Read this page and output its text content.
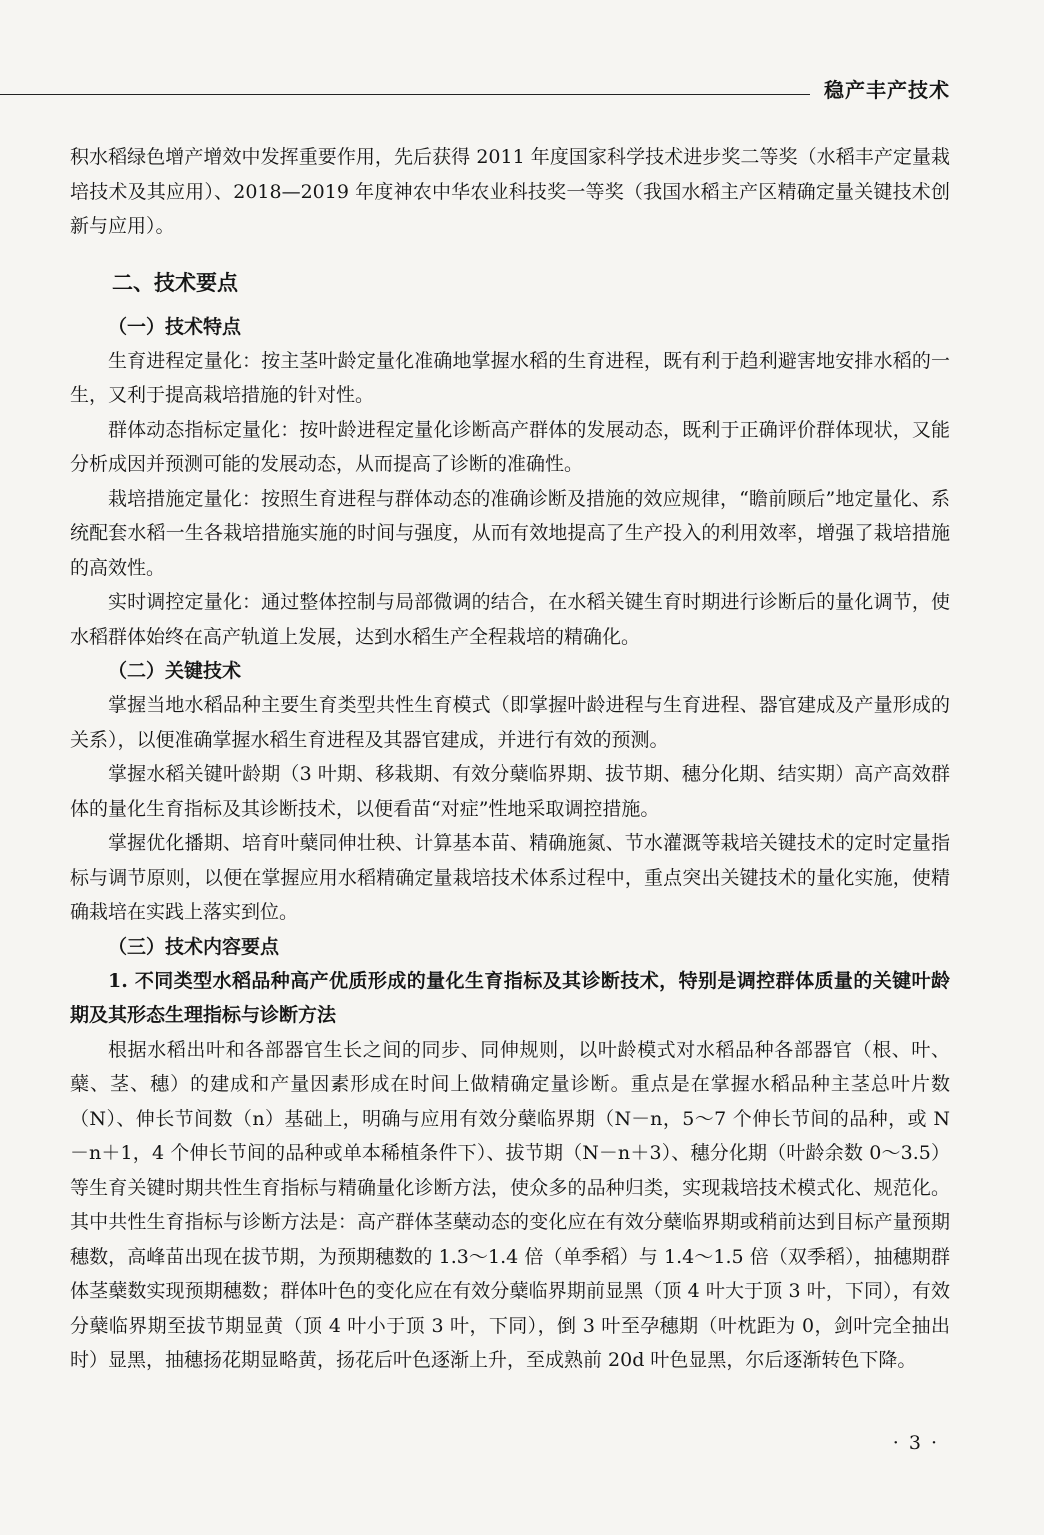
稳产丰产技术

积水稻绿色增产增效中发挥重要作用，先后获得 2011 年度国家科学技术进步奖二等奖（水稻丰产定量栽培技术及其应用）、2018—2019 年度神农中华农业科技奖一等奖（我国水稻主产区精确定量关键技术创新与应用）。

二、技术要点
（一）技术特点

生育进程定量化：按主茎叶龄定量化准确地掌握水稻的生育进程，既有利于趋利避害地安排水稻的一生，又利于提高栽培措施的针对性。

群体动态指标定量化：按叶龄进程定量化诊断高产群体的发展动态，既利于正确评价群体现状，又能分析成因并预测可能的发展动态，从而提高了诊断的准确性。

栽培措施定量化：按照生育进程与群体动态的准确诊断及措施的效应规律，“瞻前顾后”地定量化、系统配套水稻一生各栽培措施实施的时间与强度，从而有效地提高了生产投入的利用效率，增强了栽培措施的高效性。

实时调控定量化：通过整体控制与局部微调的结合，在水稻关键生育时期进行诊断后的量化调节，使水稻群体始终在高产轨道上发展，达到水稻生产全程栽培的精确化。

（二）关键技术

掌握当地水稻品种主要生育类型共性生育模式（即掌握叶龄进程与生育进程、器官建成及产量形成的关系），以便准确掌握水稻生育进程及其器官建成，并进行有效的预测。

掌握水稻关键叶龄期（3 叶期、移栽期、有效分蘖临界期、拔节期、穗分化期、结实期）高产高效群体的量化生育指标及其诊断技术，以便看苗“对症”性地采取调控措施。

掌握优化播期、培育叶蘖同伸壮秧、计算基本苗、精确施氮、节水灌溉等栽培关键技术的定时定量指标与调节原则，以便在掌握应用水稻精确定量栽培技术体系过程中，重点突出关键技术的量化实施，使精确栽培在实践上落实到位。

（三）技术内容要点

1. 不同类型水稻品种高产优质形成的量化生育指标及其诊断技术，特别是调控群体质量的关键叶龄期及其形态生理指标与诊断方法

根据水稻出叶和各部器官生长之间的同步、同伸规则，以叶龄模式对水稻品种各部器官（根、叶、蘖、茎、穗）的建成和产量因素形成在时间上做精确定量诊断。重点是在掌握水稻品种主茎总叶片数（N）、伸长节间数（n）基础上，明确与应用有效分蘖临界期（N－n，5～7 个伸长节间的品种，或 N－n＋1，4 个伸长节间的品种或单本稀植条件下）、拔节期（N－n＋3）、穗分化期（叶龄余数 0～3.5）等生育关键时期共性生育指标与精确量化诊断方法，使众多的品种归类，实现栽培技术模式化、规范化。其中共性生育指标与诊断方法是：高产群体茎蘖动态的变化应在有效分蘖临界期或稍前达到目标产量预期穗数，高峰苗出现在拔节期，为预期穗数的 1.3～1.4 倍（单季稻）与 1.4～1.5 倍（双季稻），抽穗期群体茎蘖数实现预期穗数；群体叶色的变化应在有效分蘖临界期前显黑（顶 4 叶大于顶 3 叶，下同），有效分蘖临界期至拔节期显黄（顶 4 叶小于顶 3 叶，下同），倒 3 叶至孕穗期（叶枕距为 0，剑叶完全抽出时）显黑，抽穗扬花期显略黄，扬花后叶色逐渐上升，至成熟前 20d 叶色显黑，尔后逐渐转色下降。

· 3 ·
